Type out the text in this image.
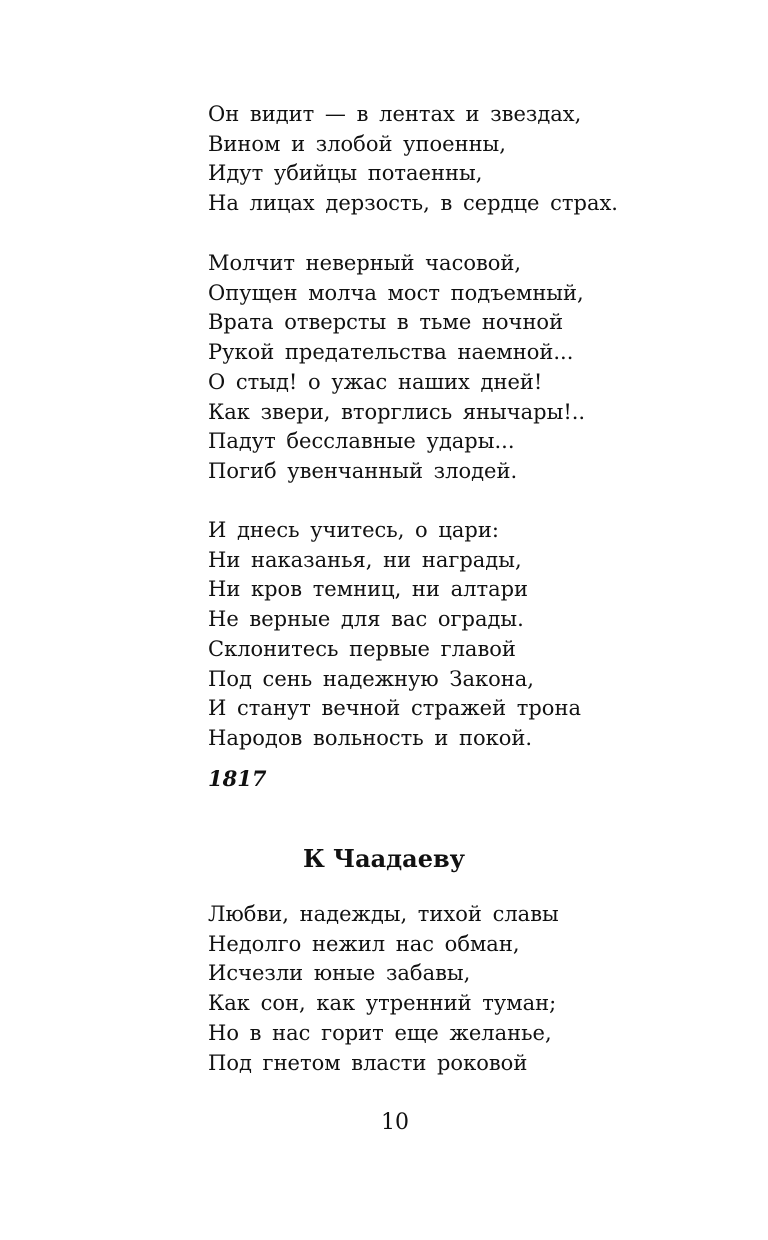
Он видит — в лентах и звездах,
Вином и злобой упоенны,
Идут убийцы потаенны,
На лицах дерзость, в сердце страх.
Молчит неверный часовой,
Опущен молча мост подъемный,
Врата отверсты в тьме ночной
Рукой предательства наемной...
О стыд! о ужас наших дней!
Как звери, вторглись янычары!..
Падут бесславные удары...
Погиб увенчанный злодей.
И днесь учитесь, о цари:
Ни наказанья, ни награды,
Ни кров темниц, ни алтари
Не верные для вас ограды.
Склонитесь первые главой
Под сень надежную Закона,
И станут вечной стражей трона
Народов вольность и покой.

1817

К Чаадаеву
Любви, надежды, тихой славы
Недолго нежил нас обман,
Исчезли юные забавы,
Как сон, как утренний туман;
Но в нас горит еще желанье,
Под гнетом власти роковой

10
